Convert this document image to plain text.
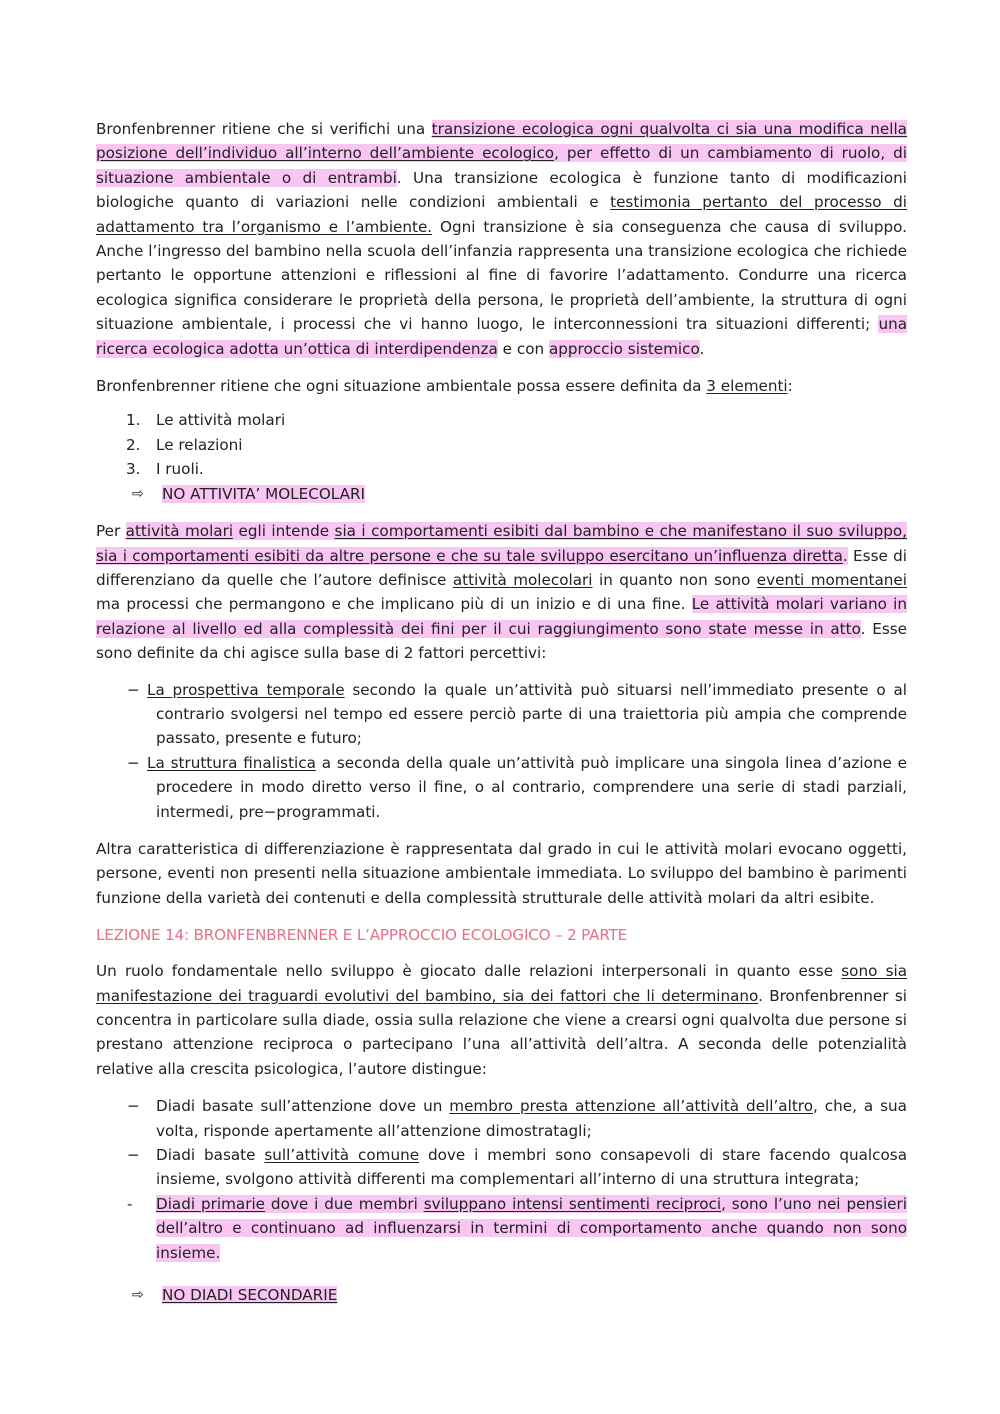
Bronfenbrenner ritiene che si verifichi una transizione ecologica ogni qualvolta ci sia una modifica nella posizione dell’individuo all’interno dell’ambiente ecologico, per effetto di un cambiamento di ruolo, di situazione ambientale o di entrambi. Una transizione ecologica è funzione tanto di modificazioni biologiche quanto di variazioni nelle condizioni ambientali e testimonia pertanto del processo di adattamento tra l’organismo e l’ambiente. Ogni transizione è sia conseguenza che causa di sviluppo. Anche l’ingresso del bambino nella scuola dell’infanzia rappresenta una transizione ecologica che richiede pertanto le opportune attenzioni e riflessioni al fine di favorire l’adattamento. Condurre una ricerca ecologica significa considerare le proprietà della persona, le proprietà dell’ambiente, la struttura di ogni situazione ambientale, i processi che vi hanno luogo, le interconnessioni tra situazioni differenti; una ricerca ecologica adotta un’ottica di interdipendenza e con approccio sistemico.

Bronfenbrenner ritiene che ogni situazione ambientale possa essere definita da 3 elementi:

1. Le attività molari
2. Le relazioni
3. I ruoli.
⇨ NO ATTIVITA’ MOLECOLARI

Per attività molari egli intende sia i comportamenti esibiti dal bambino e che manifestano il suo sviluppo, sia i comportamenti esibiti da altre persone e che su tale sviluppo esercitano un’influenza diretta. Esse di differenziano da quelle che l’autore definisce attività molecolari in quanto non sono eventi momentanei ma processi che permangono e che implicano più di un inizio e di una fine. Le attività molari variano in relazione al livello ed alla complessità dei fini per il cui raggiungimento sono state messe in atto. Esse sono definite da chi agisce sulla base di 2 fattori percettivi:

− La prospettiva temporale secondo la quale un’attività può situarsi nell’immediato presente o al contrario svolgersi nel tempo ed essere perciò parte di una traiettoria più ampia che comprende passato, presente e futuro;
− La struttura finalistica a seconda della quale un’attività può implicare una singola linea d’azione e procedere in modo diretto verso il fine, o al contrario, comprendere una serie di stadi parziali, intermedi, pre−programmati.

Altra caratteristica di differenziazione è rappresentata dal grado in cui le attività molari evocano oggetti, persone, eventi non presenti nella situazione ambientale immediata. Lo sviluppo del bambino è parimenti funzione della varietà dei contenuti e della complessità strutturale delle attività molari da altri esibite.

LEZIONE 14: BRONFENBRENNER E L’APPROCCIO ECOLOGICO – 2 PARTE

Un ruolo fondamentale nello sviluppo è giocato dalle relazioni interpersonali in quanto esse sono sia manifestazione dei traguardi evolutivi del bambino, sia dei fattori che li determinano. Bronfenbrenner si concentra in particolare sulla diade, ossia sulla relazione che viene a crearsi ogni qualvolta due persone si prestano attenzione reciproca o partecipano l’una all’attività dell’altra. A seconda delle potenzialità relative alla crescita psicologica, l’autore distingue:

− Diadi basate sull’attenzione dove un membro presta attenzione all’attività dell’altro, che, a sua volta, risponde apertamente all’attenzione dimostratagli;
− Diadi basate sull’attività comune dove i membri sono consapevoli di stare facendo qualcosa insieme, svolgono attività differenti ma complementari all’interno di una struttura integrata;
- Diadi primarie dove i due membri sviluppano intensi sentimenti reciproci, sono l’uno nei pensieri dell’altro e continuano ad influenzarsi in termini di comportamento anche quando non sono insieme.
⇨ NO DIADI SECONDARIE
